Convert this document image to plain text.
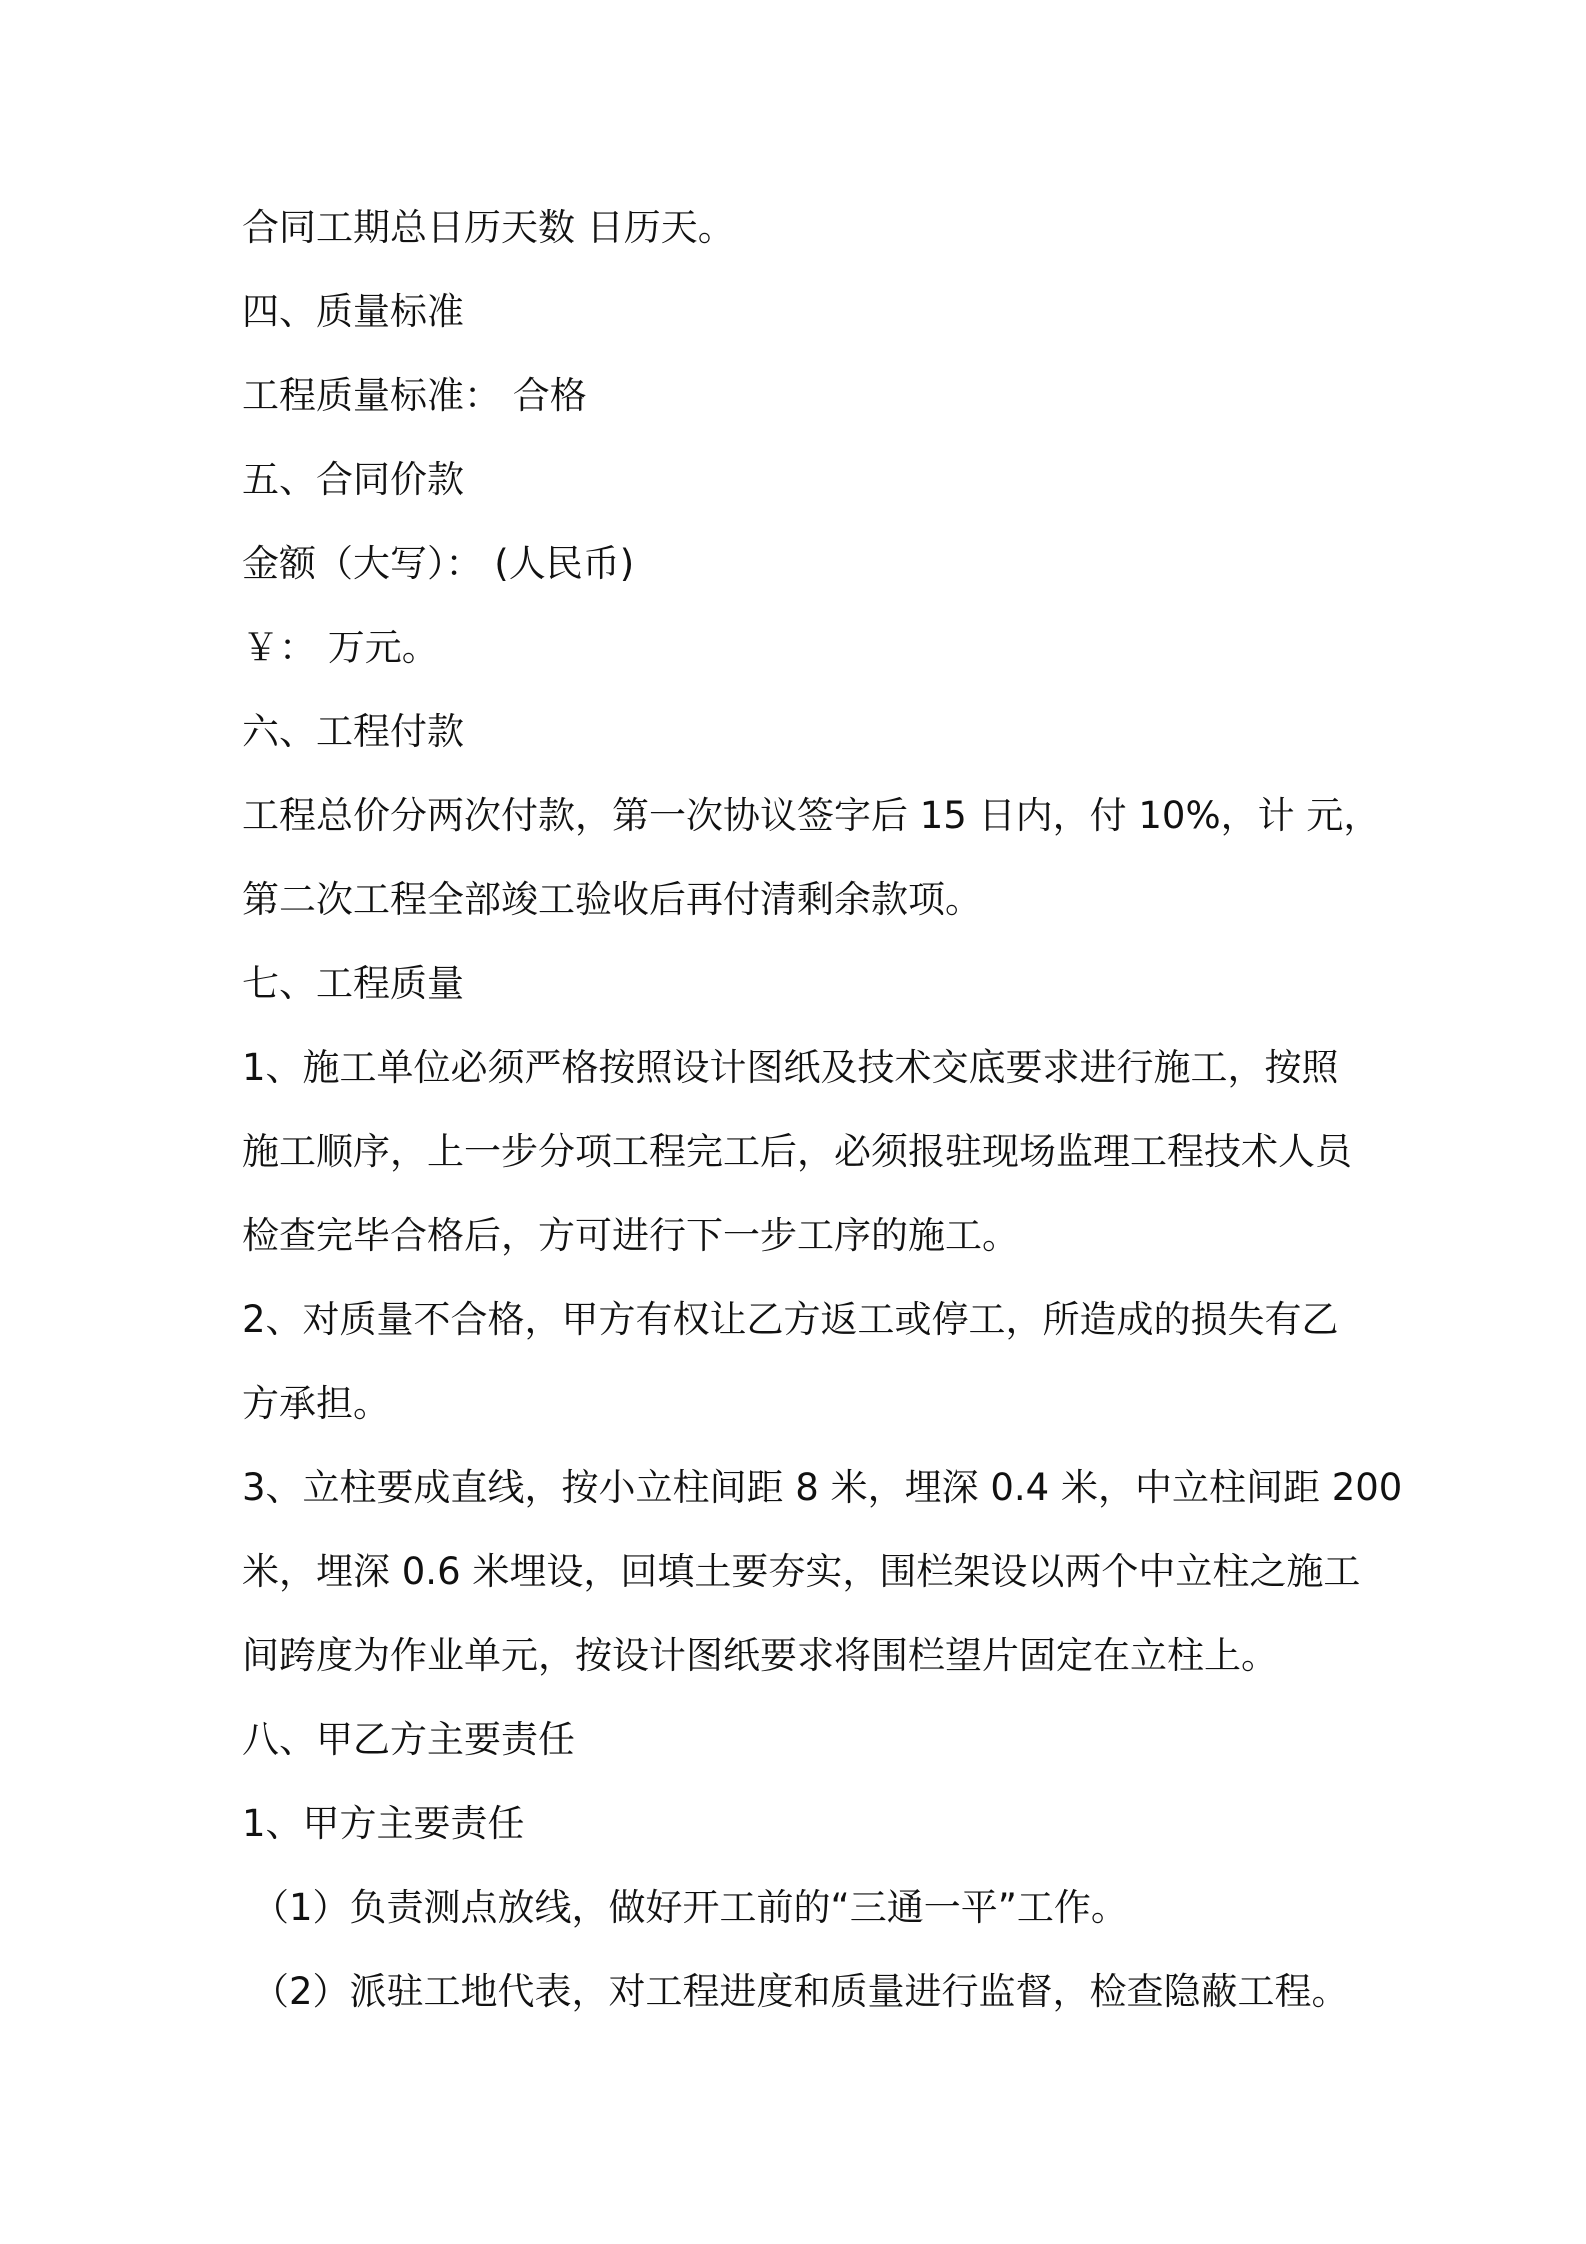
合同工期总日历天数 日历天。

四、质量标准

工程质量标准： 合格

五、合同价款

金额（大写）： (人民币)

￥： 万元。

六、工程付款

工程总价分两次付款，第一次协议签字后 15 日内，付 10%，计 元，

第二次工程全部竣工验收后再付清剩余款项。

七、工程质量

1、施工单位必须严格按照设计图纸及技术交底要求进行施工，按照

施工顺序，上一步分项工程完工后，必须报驻现场监理工程技术人员

检查完毕合格后，方可进行下一步工序的施工。

2、对质量不合格，甲方有权让乙方返工或停工，所造成的损失有乙

方承担。

3、立柱要成直线，按小立柱间距 8 米，埋深 0.4 米，中立柱间距 200

米，埋深 0.6 米埋设，回填土要夯实，围栏架设以两个中立柱之施工

间跨度为作业单元，按设计图纸要求将围栏望片固定在立柱上。

八、甲乙方主要责任

1、甲方主要责任

（1）负责测点放线，做好开工前的“三通一平”工作。

（2）派驻工地代表，对工程进度和质量进行监督，检查隐蔽工程。
